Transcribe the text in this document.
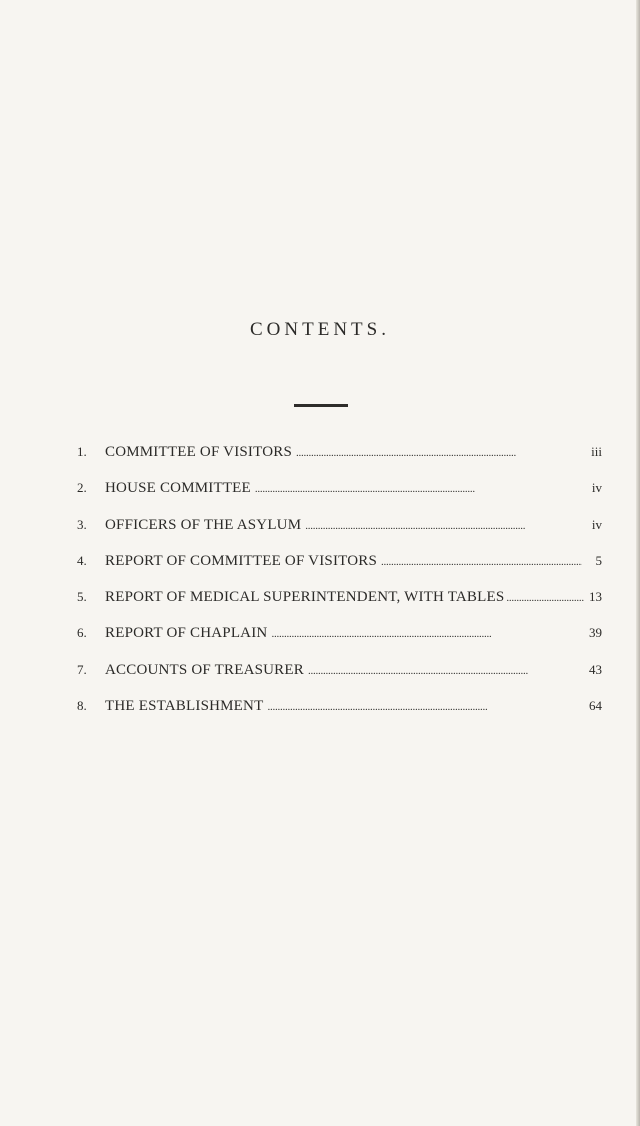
CONTENTS.
1.	COMMITTEE OF VISITORS . . .	iii
2.	HOUSE COMMITTEE . . .	iv
3.	OFFICERS OF THE ASYLUM . . .	iv
4.	REPORT OF COMMITTEE OF VISITORS . . .	5
5.	REPORT OF MEDICAL SUPERINTENDENT, WITH TABLES . . .	13
6.	REPORT OF CHAPLAIN . . .	39
7.	ACCOUNTS OF TREASURER . . .	43
8.	THE ESTABLISHMENT . . .	64
